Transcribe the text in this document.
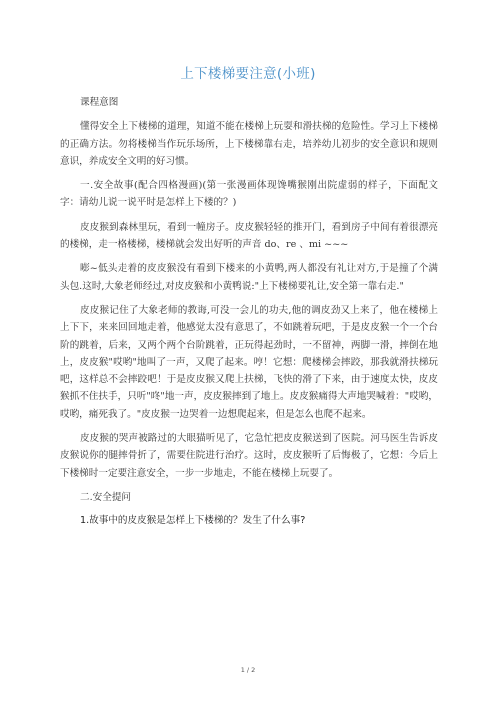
上下楼梯要注意(小班)

课程意图

懂得安全上下楼梯的道理，知道不能在楼梯上玩耍和滑扶梯的危险性。学习上下楼梯的正确方法。勿将楼梯当作玩乐场所，上下楼梯靠右走，培养幼儿初步的安全意识和规则意识，养成安全文明的好习惯。

一.安全故事(配合四格漫画)(第一张漫画体现馋嘴猴刚出院虚弱的样子，下面配文字：请幼儿说一说平时是怎样上下楼的？)

皮皮猴到森林里玩，看到一幢房子。皮皮猴轻轻的推开门，看到房子中间有着很漂亮的楼梯，走一格楼梯，楼梯就会发出好听的声音 do、re 、mi ~~~

嘭~低头走着的皮皮猴没有看到下楼来的小黄鸭,两人都没有礼让对方,于是撞了个满头包.这时,大象老师经过,对皮皮猴和小黄鸭说:"上下楼梯要礼让,安全第一靠右走."

皮皮猴记住了大象老师的教诲,可没一会儿的功夫,他的调皮劲又上来了，他在楼梯上上下下，来来回回地走着，他感觉太没有意思了，不如跳着玩吧，于是皮皮猴一个一个台阶的跳着，后来，又两个两个台阶跳着，正玩得起劲时，一不留神，两脚一滑，摔倒在地上，皮皮猴"哎哟"地叫了一声，又爬了起来。哼！它想：爬楼梯会摔跤，那我就滑扶梯玩吧，这样总不会摔跤吧！于是皮皮猴又爬上扶梯，飞快的滑了下来，由于速度太快，皮皮猴抓不住扶手，只听"咚"地一声，皮皮猴摔到了地上。皮皮猴痛得大声地哭喊着："哎哟，哎哟，痛死我了。"皮皮猴一边哭着一边想爬起来，但是怎么也爬不起来。

皮皮猴的哭声被路过的大眼猫听见了，它急忙把皮皮猴送到了医院。河马医生告诉皮皮猴说你的腿摔骨折了，需要住院进行治疗。这时，皮皮猴听了后悔极了，它想：今后上下楼梯时一定要注意安全，一步一步地走，不能在楼梯上玩耍了。

二.安全提问

1.故事中的皮皮猴是怎样上下楼梯的？发生了什么事?

1 / 2
